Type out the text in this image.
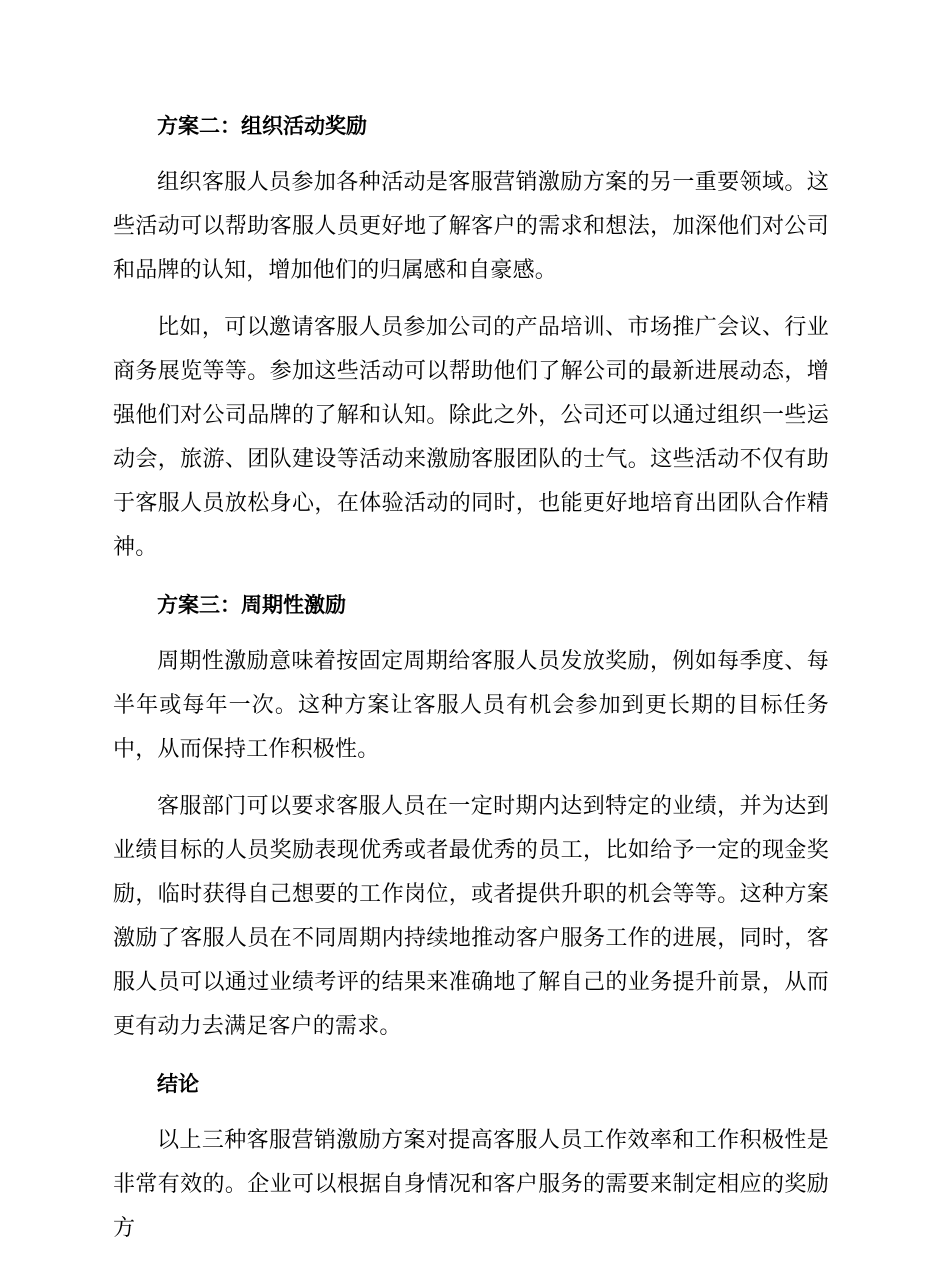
方案二：组织活动奖励

组织客服人员参加各种活动是客服营销激励方案的另一重要领域。这些活动可以帮助客服人员更好地了解客户的需求和想法，加深他们对公司和品牌的认知，增加他们的归属感和自豪感。

比如，可以邀请客服人员参加公司的产品培训、市场推广会议、行业商务展览等等。参加这些活动可以帮助他们了解公司的最新进展动态，增强他们对公司品牌的了解和认知。除此之外，公司还可以通过组织一些运动会，旅游、团队建设等活动来激励客服团队的士气。这些活动不仅有助于客服人员放松身心，在体验活动的同时，也能更好地培育出团队合作精神。

方案三：周期性激励

周期性激励意味着按固定周期给客服人员发放奖励，例如每季度、每半年或每年一次。这种方案让客服人员有机会参加到更长期的目标任务中，从而保持工作积极性。

客服部门可以要求客服人员在一定时期内达到特定的业绩，并为达到业绩目标的人员奖励表现优秀或者最优秀的员工，比如给予一定的现金奖励，临时获得自己想要的工作岗位，或者提供升职的机会等等。这种方案激励了客服人员在不同周期内持续地推动客户服务工作的进展，同时，客服人员可以通过业绩考评的结果来准确地了解自己的业务提升前景，从而更有动力去满足客户的需求。

结论

以上三种客服营销激励方案对提高客服人员工作效率和工作积极性是非常有效的。企业可以根据自身情况和客户服务的需要来制定相应的奖励方
